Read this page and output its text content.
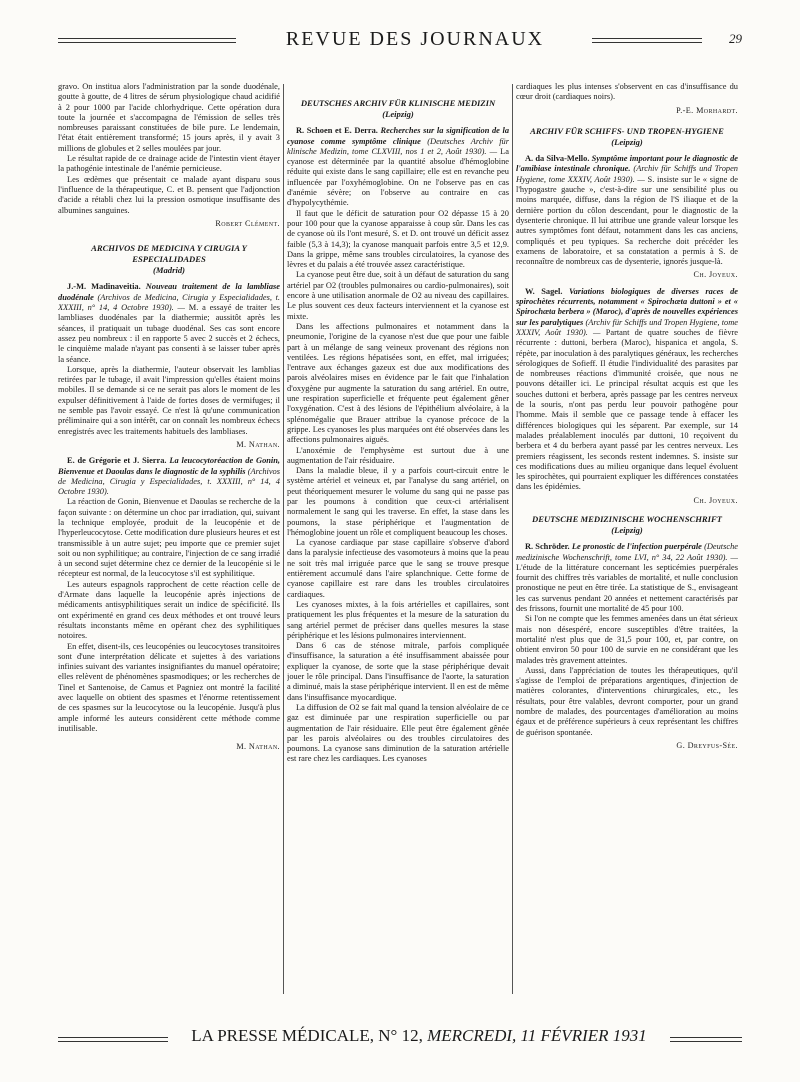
REVUE DES JOURNAUX	29

gravo. On institua alors l'administration par la sonde duodénale, goutte à goutte, de 4 litres de sérum physiologique chaud acidifié à 2 pour 1000 par l'acide chlorhydrique. Cette opération dura toute la journée et s'accompagna de l'émission de selles très nombreuses paraissant constituées de bile pure. Le lendemain, l'état était entièrement transformé; 15 jours après, il y avait 3 millions de globules et 2 selles moulées par jour.

Le résultat rapide de ce drainage acide de l'intestin vient étayer la pathogénie intestinale de l'anémie pernicieuse.

Les œdèmes que présentait ce malade ayant disparu sous l'influence de la thérapeutique, C. et B. pensent que l'adjonction d'acide a rétabli chez lui la pression osmotique insuffisante des albumines sanguines.

Robert Clément.
ARCHIVOS DE MEDICINA Y CIRUGIA Y ESPECIALIDADES
(Madrid)

J.-M. Madinaveitia. Nouveau traitement de la lambliase duodénale (Archivos de Medicina, Cirugia y Especialidades, t. XXXIII, n° 14, 4 Octobre 1930). — M. a essayé de traiter les lambliases duodénales par la diathermie; aussitôt après les séances, il pratiquait un tubage duodénal. Ses cas sont encore assez peu nombreux : il en rapporte 5 avec 2 succès et 2 échecs, le cinquième malade n'ayant pas consenti à se laisser tuber après la séance.

Lorsque, après la diathermie, l'auteur observait les lamblias retirées par le tubage, il avait l'impression qu'elles étaient moins mobiles. Il se demande si ce ne serait pas alors le moment de les expulser définitivement à l'aide de fortes doses de vermifuges; il ne semble pas l'avoir essayé. Ce n'est là qu'une communication préliminaire qui a son intérêt, car on connaît les nombreux échecs enregistrés avec les traitements habituels des lambliases.

M. Nathan.

E. de Grégorie et J. Sierra. La leucocytoréaction de Gonin, Bienvenue et Daoulas dans le diagnostic de la syphilis (Archivos de Medicina, Cirugia y Especialidades, t. XXXIII, n° 14, 4 Octobre 1930).

La réaction de Gonin, Bienvenue et Daoulas se recherche de la façon suivante : on détermine un choc par irradiation, qui, suivant la technique employée, produit de la leucopénie et de l'hyperleucocytose. Cette modification dure plusieurs heures et est transmissible à un autre sujet; peu importe que ce premier sujet soit ou non syphilitique; au contraire, l'injection de ce sang irradié à un second sujet détermine chez ce dernier de la leucopénie si le récepteur est normal, de la leucocytose s'il est syphilitique.

Les auteurs espagnols rapprochent de cette réaction celle de d'Armate dans laquelle la leucopénie après injections de médicaments antisyphilitiques serait un indice de spécificité. Ils ont expérimenté en grand ces deux méthodes et ont trouvé leurs résultats inconstants même en opérant chez des syphilitiques notoires.

En effet, disent-ils, ces leucopénies ou leucocytoses transitoires sont d'une interprétation délicate et sujettes à des variations infinies suivant des variantes insignifiantes du manuel opératoire; elles relèvent de phénomènes spasmodiques; or les recherches de Tinel et Santenoise, de Camus et Pagniez ont montré la facilité avec laquelle on obtient des spasmes et l'énorme retentissement de ces spasmes sur la leucocytose ou la leucopénie. Jusqu'à plus ample informé les auteurs considèrent cette méthode comme inutilisable.

M. Nathan.
DEUTSCHES ARCHIV FÜR KLINISCHE MEDIZIN
(Leipzig)

R. Schoen et E. Derra. Recherches sur la signification de la cyanose comme symptôme clinique (Deutsches Archiv für klinische Medizin, tome CLXVIII, nos 1 et 2, Août 1930). — La cyanose est déterminée par la quantité absolue d'hémoglobine réduite qui existe dans le sang capillaire; elle est en revanche peu influencée par l'oxyhémoglobine. On ne l'observe pas en cas d'anémie sévère; on l'observe au contraire en cas d'hypolycythémie.

Il faut que le déficit de saturation pour O2 dépasse 15 à 20 pour 100 pour que la cyanose apparaisse à coup sûr. Dans les cas de cyanose où ils l'ont mesuré, S. et D. ont trouvé un déficit assez faible (5,3 à 14,3); la cyanose manquait parfois entre 3,5 et 12,9. Dans la grippe, même sans troubles circulatoires, la cyanose des lèvres et du palais a été trouvée assez caractéristique.

La cyanose peut être due, soit à un défaut de saturation du sang artériel par O2 (troubles pulmonaires ou cardio-pulmonaires), soit encore à une utilisation anormale de O2 au niveau des capillaires. Le plus souvent ces deux facteurs interviennent et la cyanose est mixte.

Dans les affections pulmonaires et notamment dans la pneumonie, l'origine de la cyanose n'est due que pour une faible part à un mélange de sang veineux provenant des régions non ventilées. Les régions hépatisées sont, en effet, mal irriguées; l'entrave aux échanges gazeux est due aux modifications des parois alvéolaires mises en évidence par le fait que l'inhalation d'oxygène pur augmente la saturation du sang artériel. En outre, une respiration superficielle et fréquente peut également gêner l'oxygénation. C'est à des lésions de l'épithélium alvéolaire, à la splénomégalie que Brauer attribue la cyanose précoce de la grippe. Les cyanoses les plus marquées ont été observées dans les affections pulmonaires aiguës.

L'anoxémie de l'emphysème est surtout due à une augmentation de l'air résiduaire.

Dans la maladie bleue, il y a parfois court-circuit entre le système artériel et veineux et, par l'analyse du sang artériel, on peut théoriquement mesurer le volume du sang qui ne passe pas par les poumons à condition que ceux-ci artérialisent normalement le sang qui les traverse. En effet, la stase dans les poumons, la stase périphérique et l'augmentation de l'hémoglobine jouent un rôle et compliquent beaucoup les choses.

La cyanose cardiaque par stase capillaire s'observe d'abord dans la paralysie infectieuse des vasomoteurs à moins que la peau ne soit très mal irriguée parce que le sang se trouve presque entièrement accumulé dans l'aire splanchnique. Cette forme de cyanose capillaire est rare dans les troubles circulatoires cardiaques.

Les cyanoses mixtes, à la fois artérielles et capillaires, sont pratiquement les plus fréquentes et la mesure de la saturation du sang artériel permet de préciser dans quelles mesures la stase périphérique et les lésions pulmonaires interviennent.

Dans 6 cas de sténose mitrale, parfois compliquée d'insuffisance, la saturation a été insuffisamment abaissée pour expliquer la cyanose, de sorte que la stase périphérique devait jouer le rôle principal. Dans l'insuffisance de l'aorte, la saturation a diminué, mais la stase périphérique intervient. Il en est de même dans l'insuffisance myocardique.

La diffusion de O2 se fait mal quand la tension alvéolaire de ce gaz est diminuée par une respiration superficielle ou par augmentation de l'air résiduaire. Elle peut être également gênée par les parois alvéolaires ou des troubles circulatoires des poumons. La cyanose sans diminution de la saturation artérielle est rare chez les cardiaques. Les cyanoses

cardiaques les plus intenses s'observent en cas d'insuffisance du cœur droit (cardiaques noirs).

P.-E. Morhardt.
ARCHIV FÜR SCHIFFS- UND TROPEN-HYGIENE
(Leipzig)

A. da Silva-Mello. Symptôme important pour le diagnostic de l'amibiase intestinale chronique. (Archiv für Schiffs und Tropen Hygiene, tome XXXIV, Août 1930). — S. insiste sur le « signe de l'hypogastre gauche », c'est-à-dire sur une sensibilité plus ou moins marquée, diffuse, dans la région de l'S iliaque et de la dernière portion du côlon descendant, pour le diagnostic de la dysenterie chronique. Il lui attribue une grande valeur lorsque les autres symptômes font défaut, notamment dans les cas anciens, compliqués et peu typiques. Sa recherche doit précéder les examens de laboratoire, et sa constatation a permis à S. de reconnaître de nombreux cas de dysenterie, ignorés jusque-là.

Ch. Joyeux.

W. Sagel. Variations biologiques de diverses races de spirochètes récurrents, notamment « Spirochæta duttoni » et « Spirochæta berbera » (Maroc), d'après de nouvelles expériences sur les paralytiques (Archiv für Schiffs und Tropen Hygiene, tome XXXIV, Août 1930). — Partant de quatre souches de fièvre récurrente : duttoni, berbera (Maroc), hispanica et angola, S. répète, par inoculation à des paralytiques généraux, les recherches sérologiques de Sofieff. Il étudie l'individualité des parasites par de nombreuses réactions d'immunité croisée, que nous ne pouvons détailler ici. Le principal résultat acquis est que les souches duttoni et berbera, après passage par les centres nerveux de la souris, n'ont pas perdu leur pouvoir pathogène pour l'homme. Mais il semble que ce passage tende à effacer les différences biologiques qui les séparent. Par exemple, sur 14 malades préalablement inoculés par duttoni, 10 reçoivent du berbera et 4 du berbera ayant passé par les centres nerveux. Les premiers réagissent, les seconds restent indemnes. S. insiste sur ces modifications dues au milieu organique dans lequel évoluent les spirochètes, qui pourraient expliquer les différences constatées dans les épidémies.

Ch. Joyeux.
DEUTSCHE MEDIZINISCHE WOCHENSCHRIFT
(Leipzig)

R. Schröder. Le pronostic de l'infection puerpérale (Deutsche medizinische Wochenschrift, tome LVI, n° 34, 22 Août 1930). — L'étude de la littérature concernant les septicémies puerpérales fournit des chiffres très variables de mortalité, et nulle conclusion pronostique ne peut en être tirée. La statistique de S., envisageant les cas survenus pendant 20 années et nettement caractérisés par des frissons, fournit une mortalité de 45 pour 100.

Si l'on ne compte que les femmes amenées dans un état sérieux mais non désespéré, encore susceptibles d'être traitées, la mortalité n'est plus que de 31,5 pour 100, et, par contre, on obtient environ 50 pour 100 de survie en ne considérant que les malades très gravement atteintes.

Aussi, dans l'appréciation de toutes les thérapeutiques, qu'il s'agisse de l'emploi de préparations argentiques, d'injection de matières colorantes, d'interventions chirurgicales, etc., les résultats, pour être valables, devront comporter, pour un grand nombre de malades, des pourcentages d'amélioration au moins égaux et de préférence supérieurs à ceux représentant les chiffres de guérison spontanée.

G. Dreyfus-Sée.
LA PRESSE MÉDICALE, N° 12, MERCREDI, 11 FÉVRIER 1931
